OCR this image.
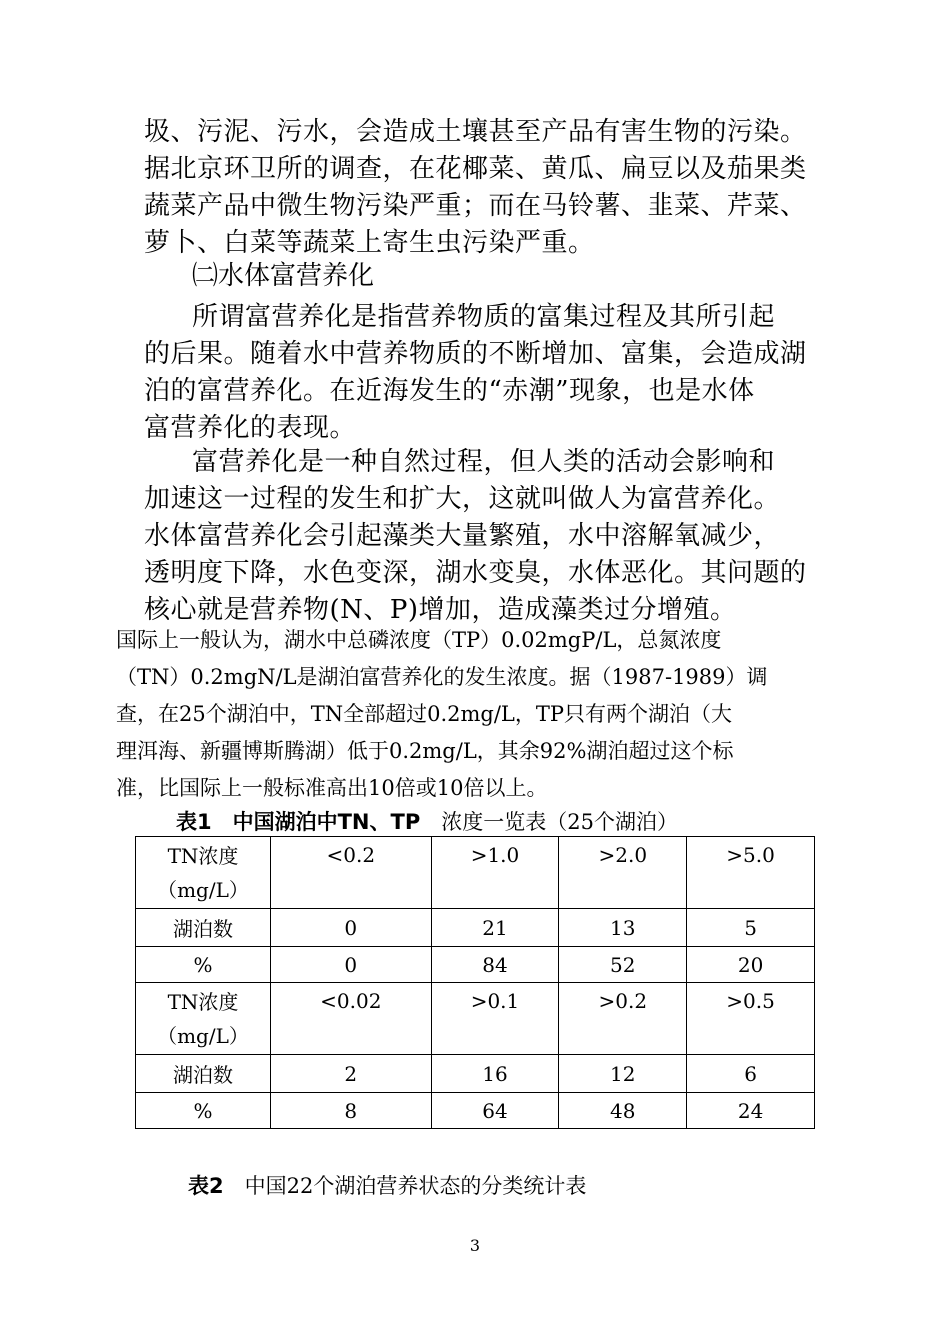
圾、污泥、污水，会造成土壤甚至产品有害生物的污染。
据北京环卫所的调查，在花椰菜、黄瓜、扁豆以及茄果类
蔬菜产品中微生物污染严重；而在马铃薯、韭菜、芹菜、
萝卜、白菜等蔬菜上寄生虫污染严重。
㈡水体富营养化
所谓富营养化是指营养物质的富集过程及其所引起
的后果。随着水中营养物质的不断增加、富集，会造成湖
泊的富营养化。在近海发生的“赤潮”现象，也是水体
富营养化的表现。
富营养化是一种自然过程，但人类的活动会影响和
加速这一过程的发生和扩大，这就叫做人为富营养化。
水体富营养化会引起藻类大量繁殖，水中溶解氧减少，
透明度下降，水色变深，湖水变臭，水体恶化。其问题的
核心就是营养物(N、P)增加，造成藻类过分增殖。
国际上一般认为，湖水中总磷浓度（TP）0.02mgP/L，总氮浓度
（TN）0.2mgN/L是湖泊富营养化的发生浓度。据（1987-1989）调
查，在25个湖泊中，TN全部超过0.2mg/L，TP只有两个湖泊（大
理洱海、新疆博斯腾湖）低于0.2mg/L，其余92%湖泊超过这个标
准，比国际上一般标准高出10倍或10倍以上。
表1　中国湖泊中TN、TP　浓度一览表（25个湖泊）
TN浓度
（mg/L）	<0.2	>1.0	>2.0	>5.0
湖泊数	0	21	13	5
%	0	84	52	20
TN浓度
（mg/L）	<0.02	>0.1	>0.2	>0.5
湖泊数	2	16	12	6
%	8	64	48	24
表2　中国22个湖泊营养状态的分类统计表
3
